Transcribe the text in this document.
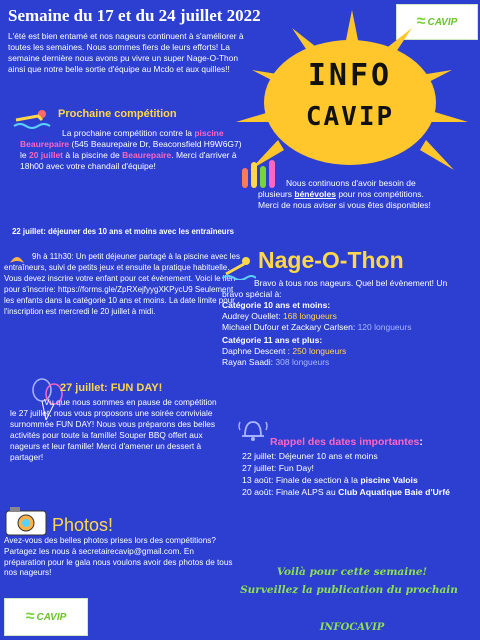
Semaine du 17 et du 24 juillet 2022	≈ CAVIP
INFO
CAVIP
L'été est bien entamé et nos nageurs continuent à s'améliorer à toutes les semaines. Nous sommes fiers de leurs efforts! La semaine dernière nous avons pu vivre un super Nage-O-Thon ainsi que notre belle sortie d'équipe au Mcdo et aux quilles!!
Prochaine compétition
La prochaine compétition contre la piscine Beaurepaire (545 Beaurepaire Dr, Beaconsfield H9W6G7) le 20 juillet à la piscine de Beaurepaire. Merci d'arriver à 18h00 avec votre chandail d'équipe!
Nous continuons d'avoir besoin de plusieurs bénévoles pour nos compétitions. Merci de nous aviser si vous êtes disponibles!
22 juillet: déjeuner des 10 ans et moins avec les entraîneurs
9h à 11h30: Un petit déjeuner partagé à la piscine avec les entraîneurs, suivi de petits jeux et ensuite la pratique habituelle. Vous devez inscrire votre enfant pour cet évènement. Voici le lien pour s'inscrire: https://forms.gle/ZpRXejfyygXKPycU9 Seulement les enfants dans la catégorie 10 ans et moins. La date limite pour l'inscription est mercredi le 20 juillet à midi.
Nage-O-Thon
Bravo à tous nos nageurs. Quel bel évènement! Un bravo spécial à:
Catégorie 10 ans et moins:
Audrey Ouellet: 168 longueurs
Michael Dufour et Zackary Carlsen: 120 longueurs
Catégorie 11 ans et plus:
Daphne Descent : 250 longueurs
Rayan Saadi: 308 longueurs
27 juillet: FUN DAY!
Vu que nous sommes en pause de compétition le 27 juillet, nous vous proposons une soirée conviviale surnommée FUN DAY! Nous vous préparons des belles activités pour toute la famille! Souper BBQ offert aux nageurs et leur famille! Merci d'amener un dessert à partager!
Rappel des dates importantes:
22 juillet: Déjeuner 10 ans et moins
27 juillet: Fun Day!
13 août: Finale de section à la piscine Valois
20 août: Finale ALPS au Club Aquatique Baie d'Urfé
Photos!
Avez-vous des belles photos prises lors des compétitions? Partagez les nous à secretairecavip@gmail.com. En préparation pour le gala nous voulons avoir des photos de tous nos nageurs!	Voilà pour cette semaine!
Surveillez la publication du prochain
INFOCAVIP
≈ CAVIP
